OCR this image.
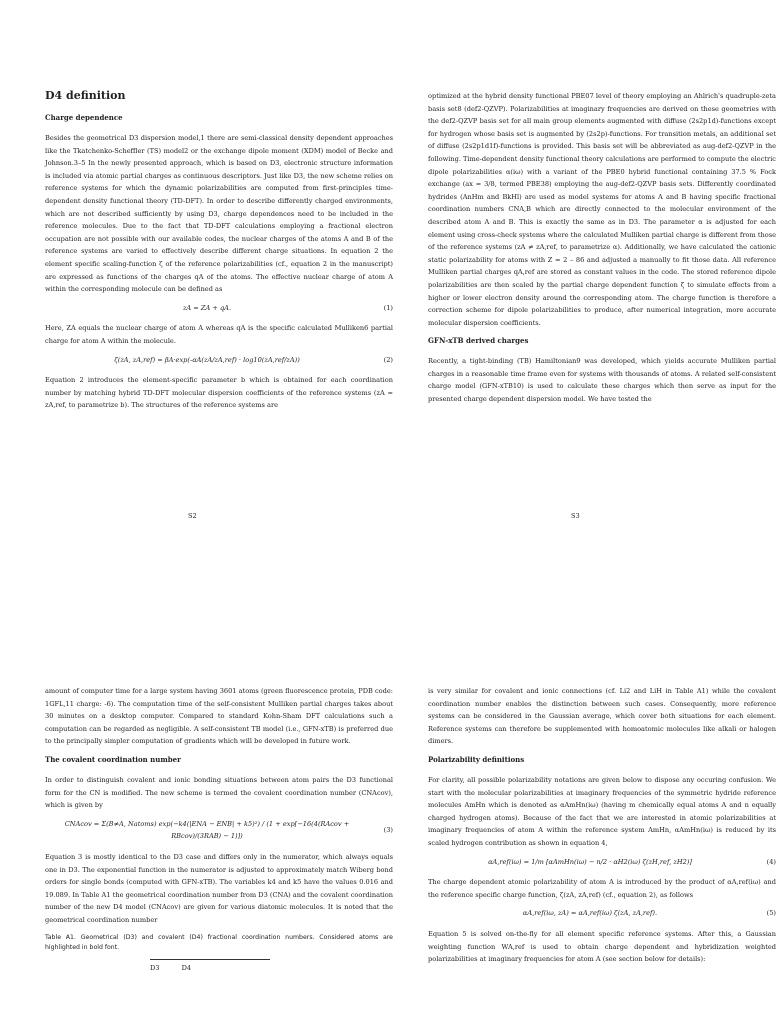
D4 definition
Charge dependence

Besides the geometrical D3 dispersion model,1 there are semi-classical density dependent approaches like the Tkatchenko-Scheffler (TS) model2 or the exchange dipole moment (XDM) model of Becke and Johnson.3–5 In the newly presented approach, which is based on D3, electronic structure information is included via atomic partial charges as continuous descriptors. Just like D3, the new scheme relies on reference systems for which the dynamic polarizabilities are computed from first-principles time-dependent density functional theory (TD-DFT). In order to describe differently charged environments, which are not described sufficiently by using D3, charge dependences need to be included in the reference molecules. Due to the fact that TD-DFT calculations employing a fractional electron occupation are not possible with our available codes, the nuclear charges of the atoms A and B of the reference systems are varied to effectively describe different charge situations. In equation 2 the element specific scaling-function ζ of the reference polarizabilities (cf., equation 2 in the manuscript) are expressed as functions of the charges qA of the atoms. The effective nuclear charge of atom A within the corresponding molecule can be defined as

zA = ZA + qA.	(1)

Here, ZA equals the nuclear charge of atom A whereas qA is the specific calculated Mulliken6 partial charge for atom A within the molecule.

ζ(zA, zA,ref) = βA·exp(-αA(zA/zA,ref) · log10(zA,ref/zA))	(2)

Equation 2 introduces the element-specific parameter b which is obtained for each coordination number by matching hybrid TD-DFT molecular dispersion coefficients of the reference systems (zA = zA,ref, to parametrize b). The structures of the reference systems are

S2

optimized at the hybrid density functional PBE07 level of theory employing an Ahlrich's quadruple-zeta basis set8 (def2-QZVP). Polarizabilities at imaginary frequencies are derived on these geometries with the def2-QZVP basis set for all main group elements augmented with diffuse (2s2p1d)-functions except for hydrogen whose basis set is augmented by (2s2p)-functions. For transition metals, an additional set of diffuse (2s2p1d1f)-functions is provided. This basis set will be abbreviated as aug-def2-QZVP in the following. Time-dependent density functional theory calculations are performed to compute the electric dipole polarizabilities α(iω) with a variant of the PBE0 hybrid functional containing 37.5 % Fock exchange (ax = 3/8, termed PBE38) employing the aug-def2-QZVP basis sets. Differently coordinated hydrides (AnHm and BkHl) are used as model systems for atoms A and B having specific fractional coordination numbers CNA,B which are directly connected to the molecular environment of the described atom A and B. This is exactly the same as in D3. The parameter α is adjusted for each element using cross-check systems where the calculated Mulliken partial charge is different from those of the reference systems (zA ≠ zA,ref, to parametrize α). Additionally, we have calculated the cationic static polarizability for atoms with Z = 2 – 86 and adjusted a manually to fit those data. All reference Mulliken partial charges qA,ref are stored as constant values in the code. The stored reference dipole polarizabilities are then scaled by the partial charge dependent function ζ to simulate effects from a higher or lower electron density around the corresponding atom. The charge function is therefore a correction scheme for dipole polarizabilities to produce, after numerical integration, more accurate molecular dispersion coefficients.

GFN-xTB derived charges

Recently, a tight-binding (TB) Hamiltonian9 was developed, which yields accurate Mulliken partial charges in a reasonable time frame even for systems with thousands of atoms. A related self-consistent charge model (GFN-xTB10) is used to calculate these charges which then serve as input for the presented charge dependent dispersion model. We have tested the

S3

amount of computer time for a large system having 3601 atoms (green fluorescence protein, PDB code: 1GFL,11 charge: -6). The computation time of the self-consistent Mulliken partial charges takes about 30 minutes on a desktop computer. Compared to standard Kohn-Sham DFT calculations such a computation can be regarded as negligible. A self-consistent TB model (i.e., GFN-xTB) is preferred due to the principally simpler computation of gradients which will be developed in future work.

The covalent coordination number

In order to distinguish covalent and ionic bonding situations between atom pairs the D3 functional form for the CN is modified. The new scheme is termed the covalent coordination number (CNAcov), which is given by

CNAcov = Σ(B≠A, Natoms) exp(−k4(|ENA − ENB| + k5)²) / (1 + exp[−16(4(RAcov + RBcov)/(3RAB) − 1)])
(3)

Equation 3 is mostly identical to the D3 case and differs only in the numerator, which always equals one in D3. The exponential function in the numerator is adjusted to approximately match Wiberg bond orders for single bonds (computed with GFN-xTB). The variables k4 and k5 have the values 0.016 and 19.089. In Table A1 the geometrical coordination number from D3 (CNA) and the covalent coordination number of the new D4 model (CNAcov) are given for various diatomic molecules. It is noted that the geometrical coordination number

Table A1. Geometrical (D3) and covalent (D4) fractional coordination numbers. Considered atoms are highlighted in bold font.

D3	D4

is very similar for covalent and ionic connections (cf. Li2 and LiH in Table A1) while the covalent coordination number enables the distinction between such cases. Consequently, more reference systems can be considered in the Gaussian average, which cover both situations for each element. Reference systems can therefore be supplemented with homoatomic molecules like alkali or halogen dimers.

Polarizability definitions

For clarity, all possible polarizability notations are given below to dispose any occuring confusion. We start with the molecular polarizabilities at imaginary frequencies of the symmetric hydride reference molecules AmHn which is denoted as αAmHn(iω) (having m chemically equal atoms A and n equally charged hydrogen atoms). Because of the fact that we are interested in atomic polarizabilities at imaginary frequencies of atom A within the reference system AmHn, αAmHn(iω) is reduced by its scaled hydrogen contribution as shown in equation 4,

αA,ref(iω) = 1/m [αAmHn(iω) − n/2 · αH2(iω) ζ(zH,ref, zH2)]	(4)

The charge dependent atomic polarizability of atom A is introduced by the product of αA,ref(iω) and the reference specific charge function, ζ(zA, zA,ref) (cf., equation 2), as follows

αA,ref(iω, zA) = αA,ref(iω) ζ(zA, zA,ref).	(5)

Equation 5 is solved on-the-fly for all element specific reference systems. After this, a Gaussian weighting function WA,ref is used to obtain charge dependent and hybridization weighted polarizabilities at imaginary frequencies for atom A (see section below for details):
